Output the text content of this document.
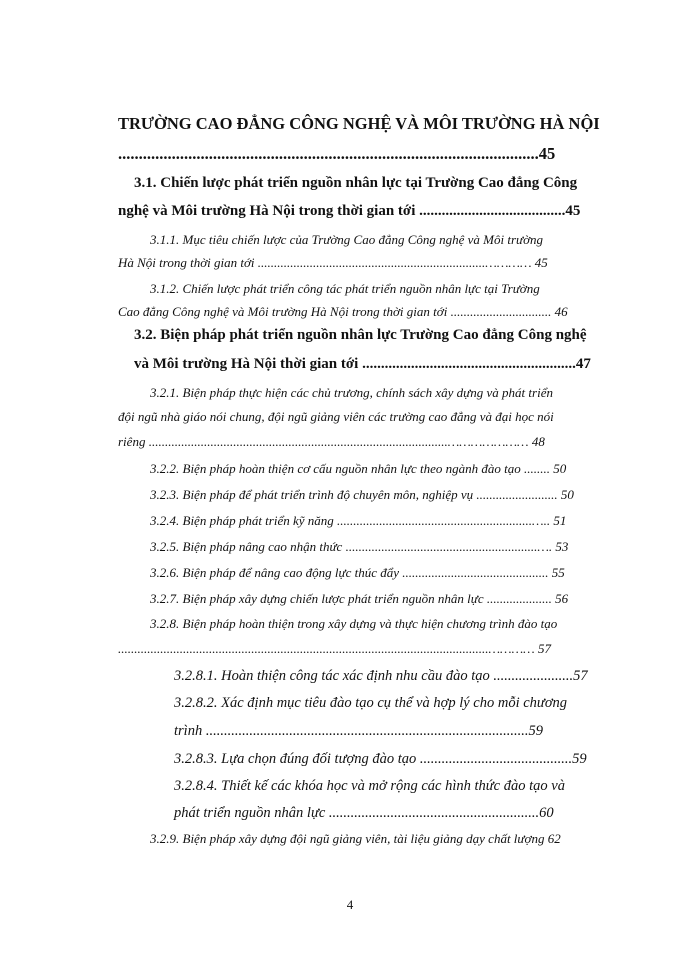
TRƯỜNG CAO ĐẲNG CÔNG NGHỆ VÀ MÔI TRƯỜNG HÀ NỘI
......................................................................................................45
3.1. Chiến lược phát triển nguồn nhân lực tại Trường Cao đẳng Công
nghệ và Môi trường Hà Nội trong thời gian tới .......................................45
3.1.1. Mục tiêu chiến lược của Trường Cao đẳng Công nghệ và Môi trường
Hà Nội trong thời gian tới ......................................................................………… 45
3.1.2. Chiến lược phát triển công tác phát triển nguồn nhân lực tại Trường
Cao đẳng Công nghệ và Môi trường Hà Nội trong thời gian tới ............................... 46
3.2. Biện pháp phát triển nguồn nhân lực Trường Cao đẳng Công nghệ
và Môi trường Hà Nội thời gian tới .........................................................47
3.2.1. Biện pháp thực hiện các chủ trương, chính sách xây dựng và phát triển
đội ngũ nhà giáo nói chung, đội ngũ giảng viên các trường cao đẳng và đại học nói
riêng ............................................................................................………………… 48
3.2.2. Biện pháp hoàn thiện cơ cấu nguồn nhân lực theo ngành đào tạo ........ 50
3.2.3. Biện pháp để phát triển trình độ chuyên môn, nghiệp vụ ......................... 50
3.2.4. Biện pháp phát triển kỹ năng ............................................................….. 51
3.2.5. Biện pháp nâng cao nhận thức ...........................................................…. 53
3.2.6. Biện pháp để nâng cao động lực thúc đẩy ............................................. 55
3.2.7. Biện pháp xây dựng chiến lược phát triển nguồn nhân lực .................... 56
3.2.8. Biện pháp hoàn thiện trong xây dựng và thực hiện chương trình đào tạo
..................................................................................................................………… 57
3.2.8.1. Hoàn thiện công tác xác định nhu cầu đào tạo ......................57
3.2.8.2. Xác định mục tiêu đào tạo cụ thể và hợp lý cho mỗi chương
trình .........................................................................................59
3.2.8.3. Lựa chọn đúng đối tượng đào tạo ..........................................59
3.2.8.4. Thiết kế các khóa học và mở rộng các hình thức đào tạo và
phát triển nguồn nhân lực ..........................................................60
3.2.9. Biện pháp xây dựng đội ngũ giảng viên, tài liệu giảng dạy chất lượng 62
4
